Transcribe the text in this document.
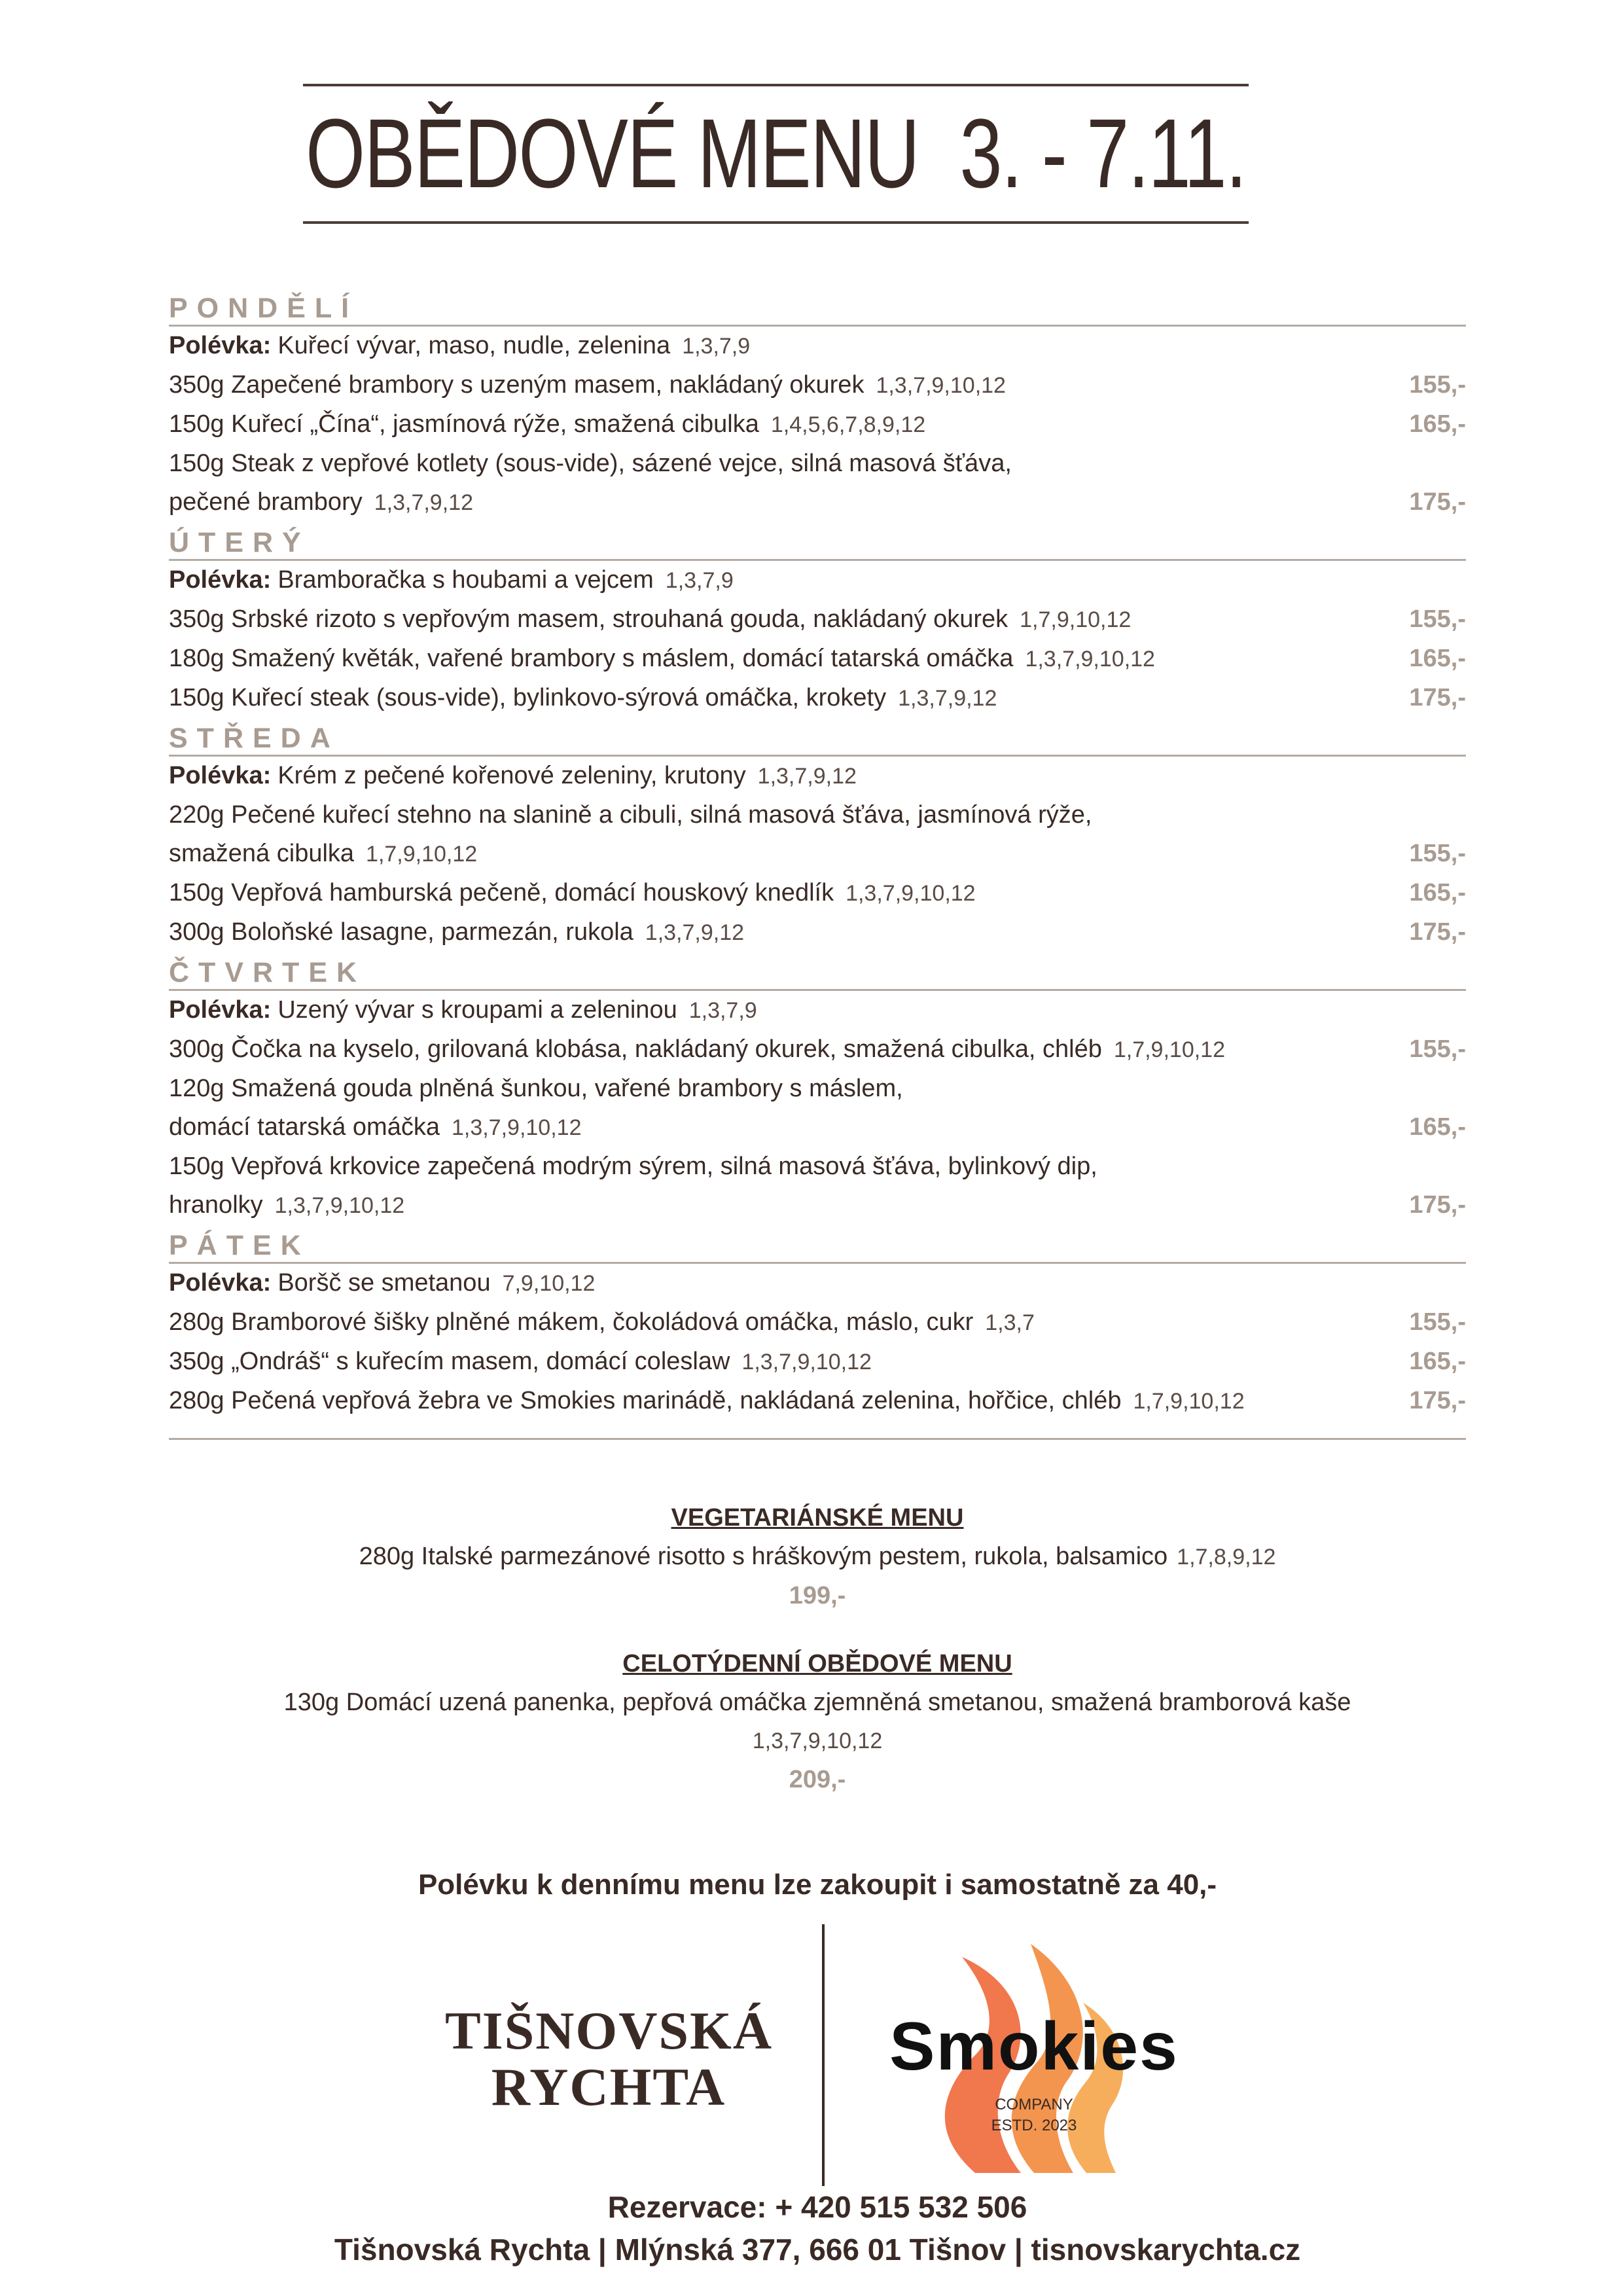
OBĚDOVÉ MENU 3. - 7.11.
PONDĚLÍ
Polévka: Kuřecí vývar, maso, nudle, zelenina 1,3,7,9
350g Zapečené brambory s uzeným masem, nakládaný okurek 1,3,7,9,10,12	155,-
150g Kuřecí „Čína“, jasmínová rýže, smažená cibulka 1,4,5,6,7,8,9,12	165,-
150g Steak z vepřové kotlety (sous-vide), sázené vejce, silná masová šťáva,
pečené brambory 1,3,7,9,12	175,-
ÚTERÝ
Polévka: Bramboračka s houbami a vejcem 1,3,7,9
350g Srbské rizoto s vepřovým masem, strouhaná gouda, nakládaný okurek 1,7,9,10,12	155,-
180g Smažený květák, vařené brambory s máslem, domácí tatarská omáčka 1,3,7,9,10,12	165,-
150g Kuřecí steak (sous-vide), bylinkovo-sýrová omáčka, krokety 1,3,7,9,12	175,-
STŘEDA
Polévka: Krém z pečené kořenové zeleniny, krutony 1,3,7,9,12
220g Pečené kuřecí stehno na slanině a cibuli, silná masová šťáva, jasmínová rýže,
smažená cibulka 1,7,9,10,12	155,-
150g Vepřová hamburská pečeně, domácí houskový knedlík 1,3,7,9,10,12	165,-
300g Boloňské lasagne, parmezán, rukola 1,3,7,9,12	175,-
ČTVRTEK
Polévka: Uzený vývar s kroupami a zeleninou 1,3,7,9
300g Čočka na kyselo, grilovaná klobása, nakládaný okurek, smažená cibulka, chléb 1,7,9,10,12	155,-
120g Smažená gouda plněná šunkou, vařené brambory s máslem,
domácí tatarská omáčka 1,3,7,9,10,12	165,-
150g Vepřová krkovice zapečená modrým sýrem, silná masová šťáva, bylinkový dip,
hranolky 1,3,7,9,10,12	175,-
PÁTEK
Polévka: Boršč se smetanou 7,9,10,12
280g Bramborové šišky plněné mákem, čokoládová omáčka, máslo, cukr 1,3,7	155,-
350g „Ondráš“ s kuřecím masem, domácí coleslaw 1,3,7,9,10,12	165,-
280g Pečená vepřová žebra ve Smokies marinádě, nakládaná zelenina, hořčice, chléb 1,7,9,10,12	175,-
VEGETARIÁNSKÉ MENU
280g Italské parmezánové risotto s hráškovým pestem, rukola, balsamico 1,7,8,9,12
199,-
CELOTÝDENNÍ OBĚDOVÉ MENU
130g Domácí uzená panenka, pepřová omáčka zjemněná smetanou, smažená bramborová kaše
1,3,7,9,10,12
209,-
Polévku k dennímu menu lze zakoupit i samostatně za 40,-
TIŠNOVSKÁ
RYCHTA
Smokies
COMPANY
ESTD. 2023
Rezervace: + 420 515 532 506
Tišnovská Rychta | Mlýnská 377, 666 01 Tišnov | tisnovskarychta.cz
